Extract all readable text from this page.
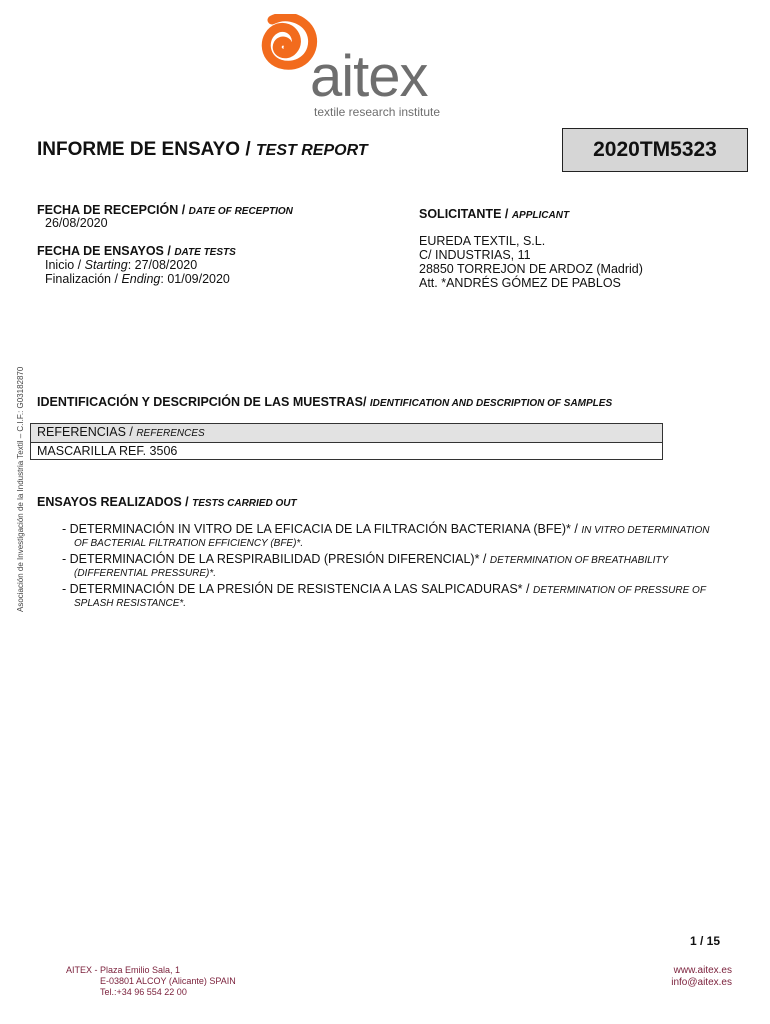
aitex
textile research institute
INFORME DE ENSAYO / TEST REPORT	2020TM5323
FECHA DE RECEPCIÓN / DATE OF RECEPTION
26/08/2020
FECHA DE ENSAYOS / DATE TESTS
Inicio / Starting: 27/08/2020
Finalización / Ending: 01/09/2020
SOLICITANTE / APPLICANT
EUREDA TEXTIL, S.L.
C/ INDUSTRIAS, 11
28850 TORREJON DE ARDOZ (Madrid)
Att. *ANDRÉS GÓMEZ DE PABLOS
Asociación de Investigación de la Industria Textil – C.I.F.: G03182870 IDENTIFICACIÓN Y DESCRIPCIÓN DE LAS MUESTRAS/ IDENTIFICATION AND DESCRIPTION OF SAMPLES
REFERENCIAS / REFERENCES
MASCARILLA REF. 3506
ENSAYOS REALIZADOS / TESTS CARRIED OUT
- DETERMINACIÓN IN VITRO DE LA EFICACIA DE LA FILTRACIÓN BACTERIANA (BFE)* / IN VITRO DETERMINATION
OF BACTERIAL FILTRATION EFFICIENCY (BFE)*.
- DETERMINACIÓN DE LA RESPIRABILIDAD (PRESIÓN DIFERENCIAL)* / DETERMINATION OF BREATHABILITY
(DIFFERENTIAL PRESSURE)*.
- DETERMINACIÓN DE LA PRESIÓN DE RESISTENCIA A LAS SALPICADURAS* / DETERMINATION OF PRESSURE OF
SPLASH RESISTANCE*.
1 / 15
AITEX - Plaza Emilio Sala, 1
E-03801 ALCOY (Alicante) SPAIN
Tel.:+34 96 554 22 00
www.aitex.es
info@aitex.es
